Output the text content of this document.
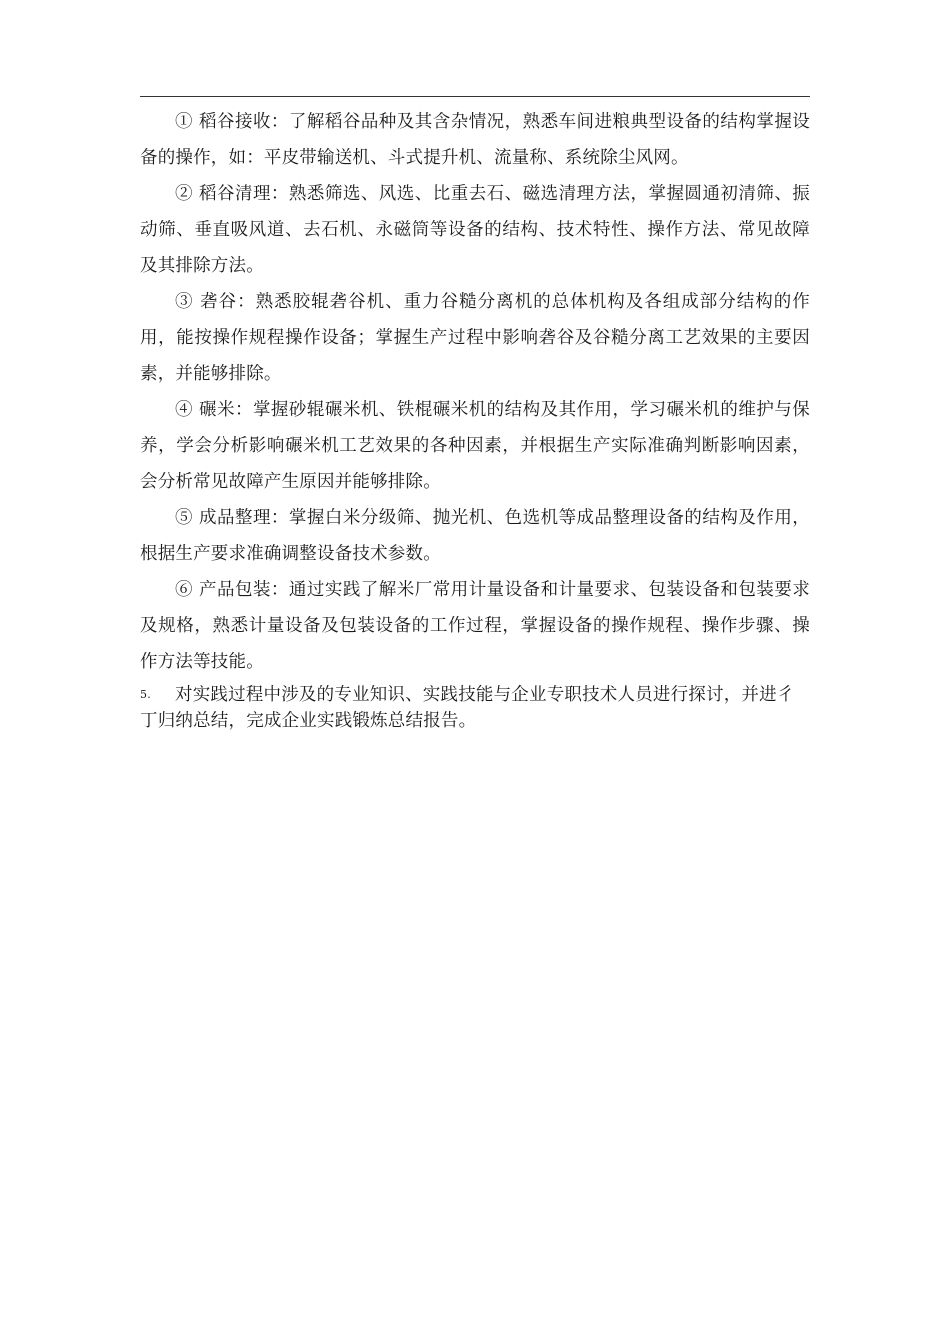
① 稻谷接收：了解稻谷品种及其含杂情况，熟悉车间进粮典型设备的结构掌握设备的操作，如：平皮带输送机、斗式提升机、流量称、系统除尘风网。

② 稻谷清理：熟悉筛选、风选、比重去石、磁选清理方法，掌握圆通初清筛、振动筛、垂直吸风道、去石机、永磁筒等设备的结构、技术特性、操作方法、常见故障及其排除方法。

③ 砻谷：熟悉胶辊砻谷机、重力谷糙分离机的总体机构及各组成部分结构的作用，能按操作规程操作设备；掌握生产过程中影响砻谷及谷糙分离工艺效果的主要因素，并能够排除。

④ 碾米：掌握砂辊碾米机、铁棍碾米机的结构及其作用，学习碾米机的维护与保养，学会分析影响碾米机工艺效果的各种因素，并根据生产实际准确判断影响因素，会分析常见故障产生原因并能够排除。

⑤ 成品整理：掌握白米分级筛、抛光机、色选机等成品整理设备的结构及作用，根据生产要求准确调整设备技术参数。

⑥ 产品包装：通过实践了解米厂常用计量设备和计量要求、包装设备和包装要求及规格，熟悉计量设备及包装设备的工作过程，掌握设备的操作规程、操作步骤、操作方法等技能。

5. 对实践过程中涉及的专业知识、实践技能与企业专职技术人员进行探讨，并进彳丁归纳总结，完成企业实践锻炼总结报告。
